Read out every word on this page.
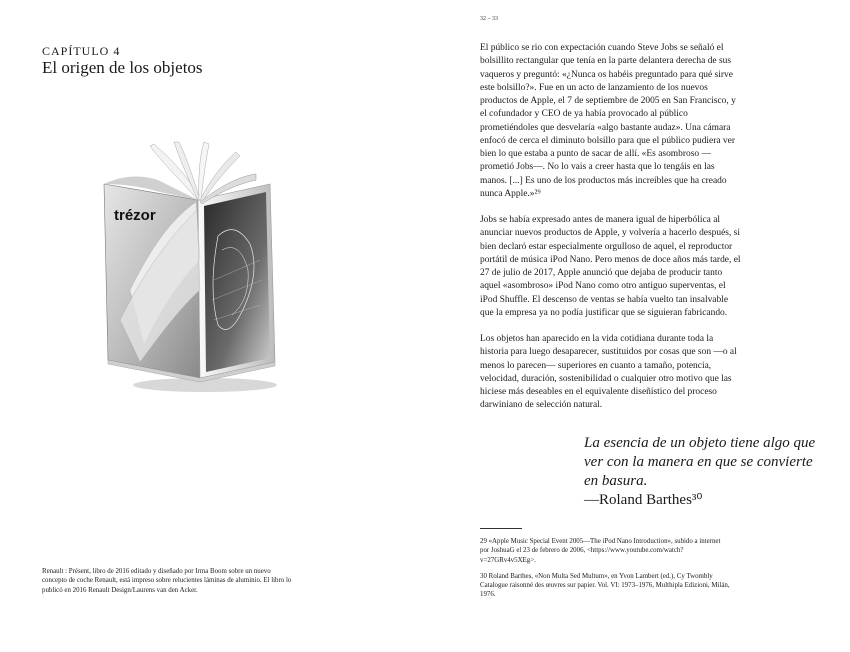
32 – 33
CAPÍTULO 4
El origen de los objetos
trézor
Renault : Présent, libro de 2016 editado y diseñado por Irma Boom sobre un nuevo concepto de coche Renault, está impreso sobre relucientes láminas de aluminio. El libro lo publicó en 2016 Renault Design/Laurens van den Acker.

El público se rio con expectación cuando Steve Jobs se señaló el bolsillito rectangular que tenía en la parte delantera derecha de sus vaqueros y preguntó: «¿Nunca os habéis preguntado para qué sirve este bolsillo?». Fue en un acto de lanzamiento de los nuevos productos de Apple, el 7 de septiembre de 2005 en San Francisco, y el cofundador y CEO de ya había provocado al público prometiéndoles que desvelaría «algo bastante audaz». Una cámara enfocó de cerca el diminuto bolsillo para que el público pudiera ver bien lo que estaba a punto de sacar de allí. «Es asombroso —prometió Jobs—. No lo vais a creer hasta que lo tengáis en las manos. [...] Es uno de los productos más increíbles que ha creado nunca Apple.»²⁹

Jobs se había expresado antes de manera igual de hiperbólica al anunciar nuevos productos de Apple, y volvería a hacerlo después, si bien declaró estar especialmente orgulloso de aquel, el reproductor portátil de música iPod Nano. Pero menos de doce años más tarde, el 27 de julio de 2017, Apple anunció que dejaba de producir tanto aquel «asombroso» iPod Nano como otro antiguo superventas, el iPod Shuffle. El descenso de ventas se había vuelto tan insalvable que la empresa ya no podía justificar que se siguieran fabricando.

Los objetos han aparecido en la vida cotidiana durante toda la historia para luego desaparecer, sustituidos por cosas que son —o al menos lo parecen— superiores en cuanto a tamaño, potencia, velocidad, duración, sostenibilidad o cualquier otro motivo que las hiciese más deseables en el equivalente diseñístico del proceso darwiniano de selección natural.

La esencia de un objeto tiene algo que ver con la manera en que se convierte en basura.
—Roland Barthes³⁰

29 «Apple Music Special Event 2005—The iPod Nano Introduction», subido a internet por JoshuaG el 23 de febrero de 2006, <https://www.youtube.com/watch?v=27GRv4v5XEg>.

30 Roland Barthes, «Non Multa Sed Multum», en Yvon Lambert (ed.), Cy Twombly Catalogue raisonné des œuvres sur papier. Vol. VI: 1973–1976, Multhipla Edizioni, Milán, 1976.
